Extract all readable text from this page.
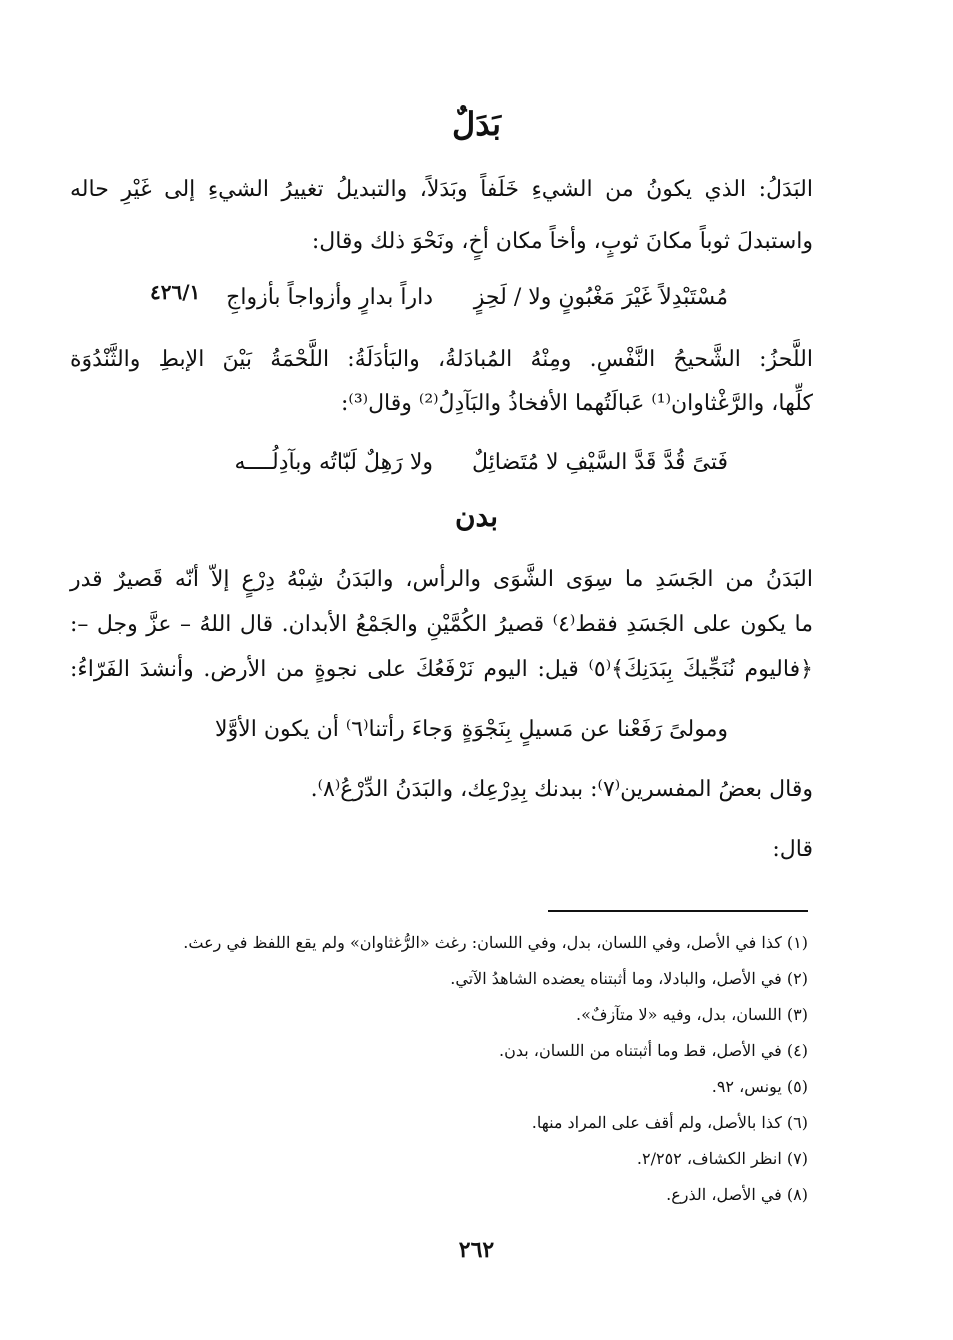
بَدَلٌ
البَدَلُ: الذي يكونُ من الشيءِ خَلَفاً وبَدَلاً، والتبديلُ تغييرُ الشيءِ إلى غَيْرِ حاله
واستبدلَ ثوباً مكانَ ثوبٍ، وأخاً مكان أخٍ، ونَحْوَ ذلك وقال:
مُسْتَبْدِلاً غَيْرَ مَغْبُونٍ ولا / لَحِزٍ
داراً بدارٍ وأزواجاً بأزواجِ
٤٢٦/١
اللَّحزُ: الشَّحيحُ النَّفْسِ. ومِنْهُ المُبادَلةُ، والبَأدَلَةُ: اللَّحْمَةُ بَيْنَ الإبطِ والثَّنْدُوَة
كلِّها، والرَّغْثاوان⁽¹⁾ عَبالَتُهما الأفخاذُ والبَآدِلُ⁽²⁾ وقال⁽³⁾:
فَتىً قُدَّ قَدَّ السَّيْفِ لا مُتَضائِلٌ
ولا رَهِلٌ لَبّاتُه وبآدِلُــــه
بدن
البَدَنُ من الجَسَدِ ما سِوَى الشَّوَى والرأس، والبَدَنُ شِبْهُ دِرْعٍ إلاّ أنّه قَصيرٌ قدر
ما يكون على الجَسَدِ فقط⁽٤⁾ قصيرُ الكُمَّيْنِ والجَمْعُ الأبدان. قال اللهُ – عزَّ وجل –:
﴿فاليوم نُنَجِّيكَ بِبَدَنِكَ﴾⁽٥⁾ قيل: اليوم نَرْفَعُكَ على نجوةٍ من الأرض. وأنشدَ الفَرّاءُ:
ومولىً رَفَعْنا عن مَسيلٍ بِنَجْوَةٍ
وَجاءَ رأتنا⁽٦⁾ أن يكون الأوَّلا
وقال بعضُ المفسرين⁽٧⁾: ببدنك بِدِرْعِك، والبَدَنُ الدِّرْعُ⁽٨⁾.
قال:
(١) كذا في الأصل، وفي اللسان، بدل، وفي اللسان: رغث «الرُّغثاوان» ولم يقع اللفظ في رعث.
(٢) في الأصل، والبادلا، وما أثبتناه يعضده الشاهدُ الآتي.
(٣) اللسان، بدل، وفيه «لا متآزفٌ».
(٤) في الأصل، قط وما أثبتناه من اللسان، بدن.
(٥) يونس، ٩٢.
(٦) كذا بالأصل، ولم أقف على المراد منها.
(٧) انظر الكشاف، ٢/٢٥٢.
(٨) في الأصل، الذرع.
٢٦٢
